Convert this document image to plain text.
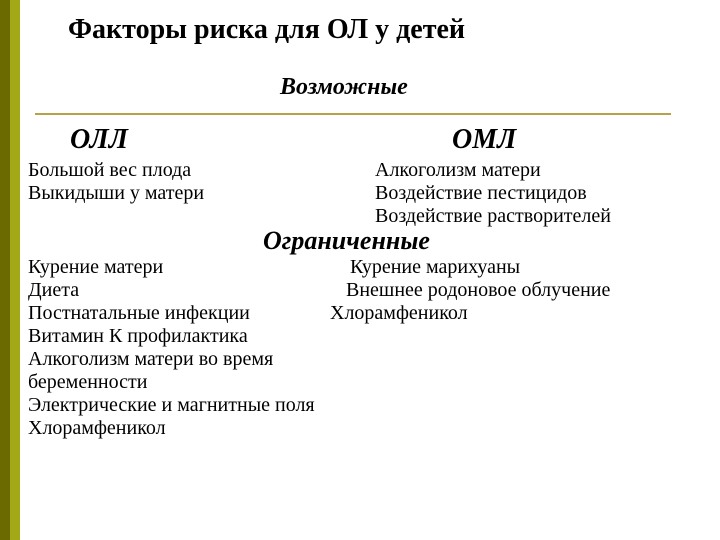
Факторы риска для ОЛ у детей
Возможные
ОЛЛ	ОМЛ
Большой вес плода
Выкидыши у матери
Алкоголизм матери
Воздействие пестицидов
Воздействие растворителей
Ограниченные
Курение матери
Диета
Постнатальные инфекции
Витамин К профилактика
Алкоголизм матери во время
беременности
Электрические и магнитные поля
Хлорамфеникол
Курение марихуаны
Внешнее родоновое облучение
Хлорамфеникол
